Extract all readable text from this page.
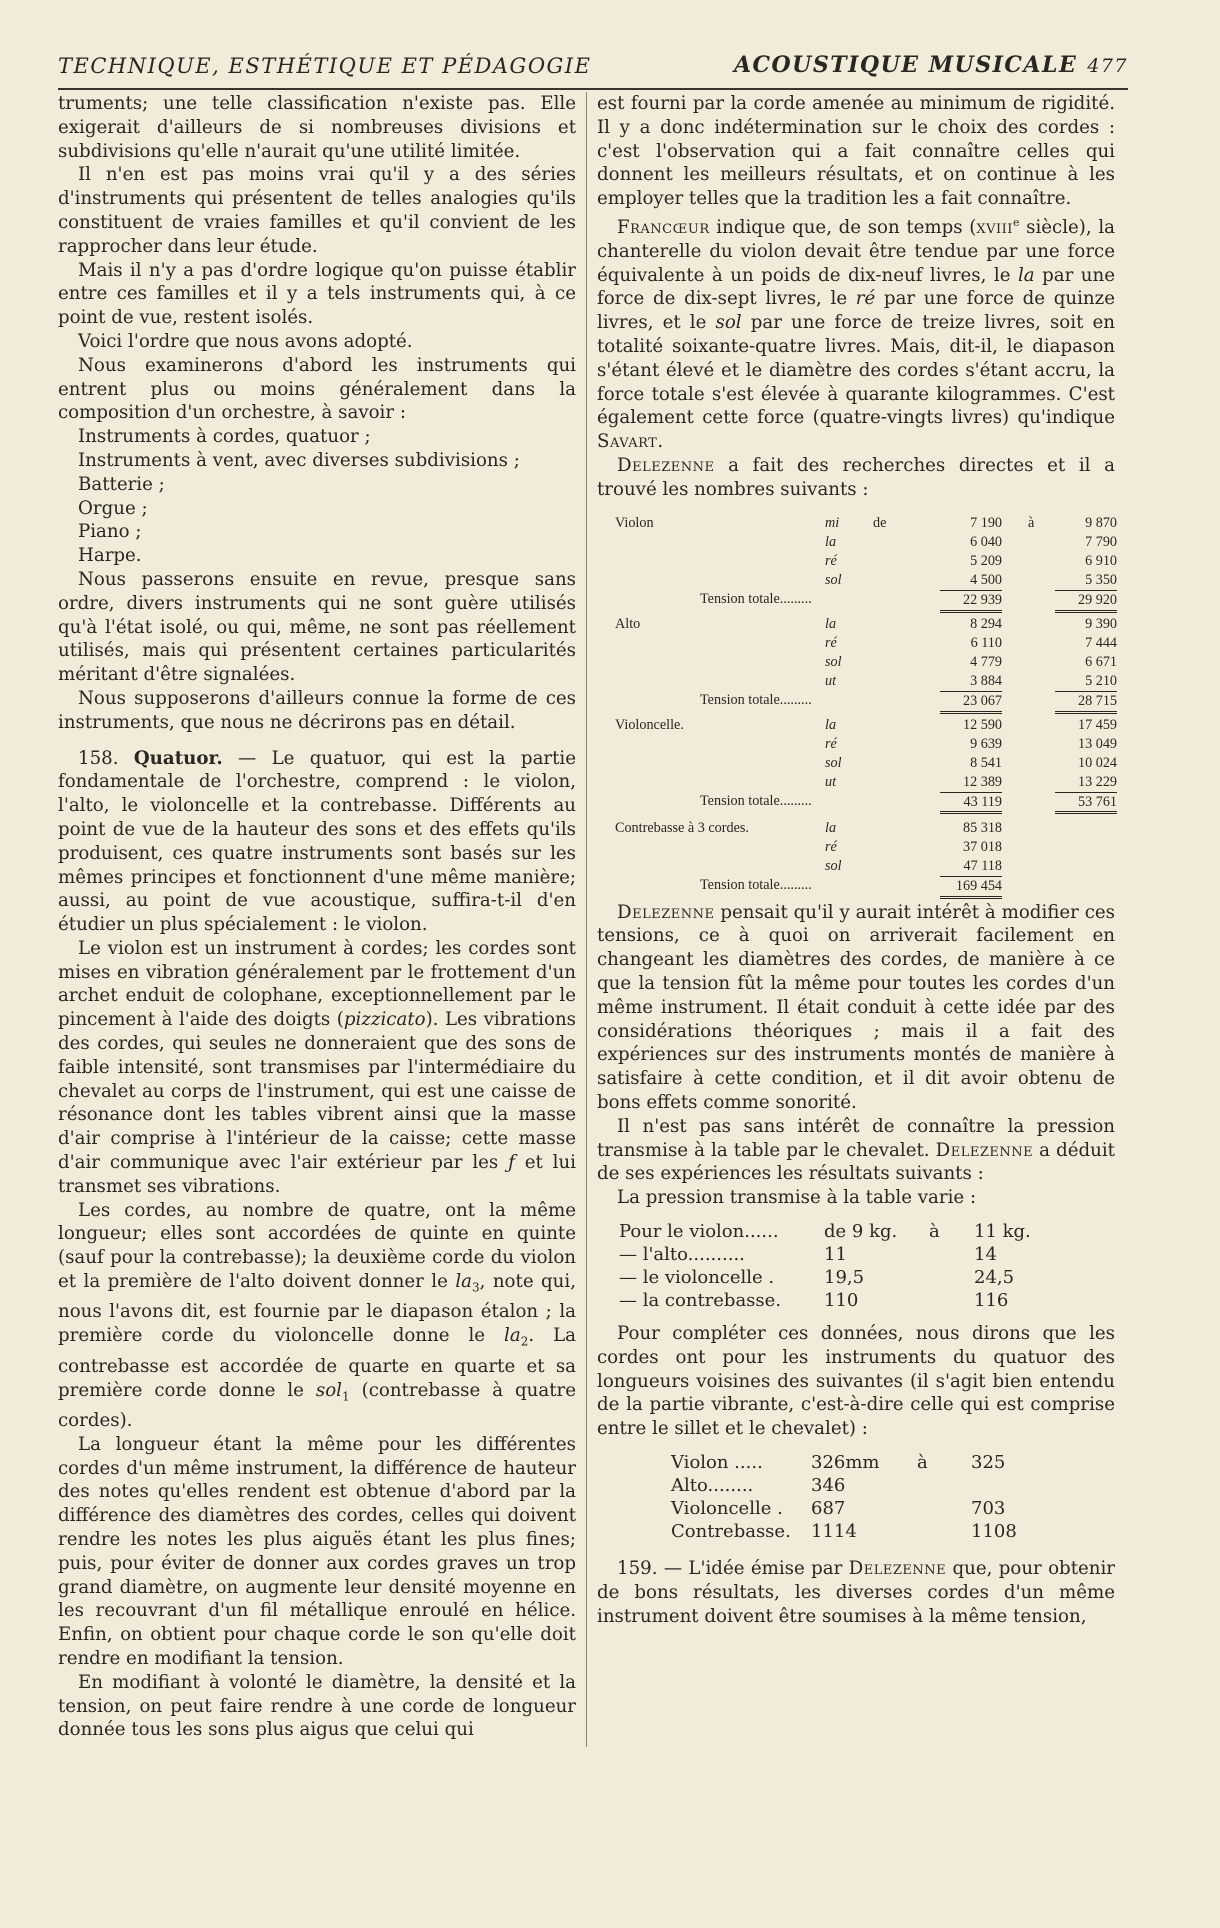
TECHNIQUE, ESTHÉTIQUE ET PÉDAGOGIE	ACOUSTIQUE MUSICALE 477

truments; une telle classification n'existe pas. Elle exigerait d'ailleurs de si nombreuses divisions et subdivisions qu'elle n'aurait qu'une utilité limitée.

Il n'en est pas moins vrai qu'il y a des séries d'instruments qui présentent de telles analogies qu'ils constituent de vraies familles et qu'il convient de les rapprocher dans leur étude.

Mais il n'y a pas d'ordre logique qu'on puisse établir entre ces familles et il y a tels instruments qui, à ce point de vue, restent isolés.

Voici l'ordre que nous avons adopté.

Nous examinerons d'abord les instruments qui entrent plus ou moins généralement dans la composition d'un orchestre, à savoir :

Instruments à cordes, quatuor ;

Instruments à vent, avec diverses subdivisions ;

Batterie ;

Orgue ;

Piano ;

Harpe.

Nous passerons ensuite en revue, presque sans ordre, divers instruments qui ne sont guère utilisés qu'à l'état isolé, ou qui, même, ne sont pas réellement utilisés, mais qui présentent certaines particularités méritant d'être signalées.

Nous supposerons d'ailleurs connue la forme de ces instruments, que nous ne décrirons pas en détail.

158. Quatuor. — Le quatuor, qui est la partie fondamentale de l'orchestre, comprend : le violon, l'alto, le violoncelle et la contrebasse. Différents au point de vue de la hauteur des sons et des effets qu'ils produisent, ces quatre instruments sont basés sur les mêmes principes et fonctionnent d'une même manière; aussi, au point de vue acoustique, suffira-t-il d'en étudier un plus spécialement : le violon.

Le violon est un instrument à cordes; les cordes sont mises en vibration généralement par le frottement d'un archet enduit de colophane, exceptionnellement par le pincement à l'aide des doigts (pizzicato). Les vibrations des cordes, qui seules ne donneraient que des sons de faible intensité, sont transmises par l'intermédiaire du chevalet au corps de l'instrument, qui est une caisse de résonance dont les tables vibrent ainsi que la masse d'air comprise à l'intérieur de la caisse; cette masse d'air communique avec l'air extérieur par les ƒ et lui transmet ses vibrations.

Les cordes, au nombre de quatre, ont la même longueur; elles sont accordées de quinte en quinte (sauf pour la contrebasse); la deuxième corde du violon et la première de l'alto doivent donner le $la_3$, note qui, nous l'avons dit, est fournie par le diapason étalon ; la première corde du violoncelle donne le $la_2$. La contrebasse est accordée de quarte en quarte et sa première corde donne le sol$_1$ (contrebasse à quatre cordes).

La longueur étant la même pour les différentes cordes d'un même instrument, la différence de hauteur des notes qu'elles rendent est obtenue d'abord par la différence des diamètres des cordes, celles qui doivent rendre les notes les plus aiguës étant les plus fines; puis, pour éviter de donner aux cordes graves un trop grand diamètre, on augmente leur densité moyenne en les recouvrant d'un fil métallique enroulé en hélice. Enfin, on obtient pour chaque corde le son qu'elle doit rendre en modifiant la tension.

En modifiant à volonté le diamètre, la densité et la tension, on peut faire rendre à une corde de longueur donnée tous les sons plus aigus que celui qui

est fourni par la corde amenée au minimum de rigidité. Il y a donc indétermination sur le choix des cordes : c'est l'observation qui a fait connaître celles qui donnent les meilleurs résultats, et on continue à les employer telles que la tradition les a fait connaître.

Francœur indique que, de son temps (xviii$^e$ siècle), la chanterelle du violon devait être tendue par une force équivalente à un poids de dix-neuf livres, le la par une force de dix-sept livres, le ré par une force de quinze livres, et le sol par une force de treize livres, soit en totalité soixante-quatre livres. Mais, dit-il, le diapason s'étant élevé et le diamètre des cordes s'étant accru, la force totale s'est élevée à quarante kilogrammes. C'est également cette force (quatre-vingts livres) qu'indique Savart.

Delezenne a fait des recherches directes et il a trouvé les nombres suivants :

Violon	mi de	7 190 à	9 870
la	6 040	7 790
ré	5 209	6 910
sol	4 500	5 350
Tension totale.........	22 939	29 920
Alto	la	8 294	9 390
ré	6 110	7 444
sol	4 779	6 671
ut	3 884	5 210
Tension totale.........	23 067	28 715
Violoncelle.	la	12 590	17 459
ré	9 639	13 049
sol	8 541	10 024
ut	12 389	13 229
Tension totale.........	43 119	53 761
Contrebasse à 3 cordes.	la	85 318
ré	37 018
sol	47 118
Tension totale.........	169 454

Delezenne pensait qu'il y aurait intérêt à modifier ces tensions, ce à quoi on arriverait facilement en changeant les diamètres des cordes, de manière à ce que la tension fût la même pour toutes les cordes d'un même instrument. Il était conduit à cette idée par des considérations théoriques ; mais il a fait des expériences sur des instruments montés de manière à satisfaire à cette condition, et il dit avoir obtenu de bons effets comme sonorité.

Il n'est pas sans intérêt de connaître la pression transmise à la table par le chevalet. Delezenne a déduit de ses expériences les résultats suivants :

La pression transmise à la table varie :

Pour le violon......	de 9 kg. à 11 kg.
— l'alto..........	11	14
— le violoncelle .	19,5	24,5
— la contrebasse. 110	116

Pour compléter ces données, nous dirons que les cordes ont pour les instruments du quatuor des longueurs voisines des suivantes (il s'agit bien entendu de la partie vibrante, c'est-à-dire celle qui est comprise entre le sillet et le chevalet) :

Violon .....	326mm à 325
Alto........	346
Violoncelle . 687	703
Contrebasse. 1114	1108

159. — L'idée émise par Delezenne que, pour obtenir de bons résultats, les diverses cordes d'un même instrument doivent être soumises à la même tension,
